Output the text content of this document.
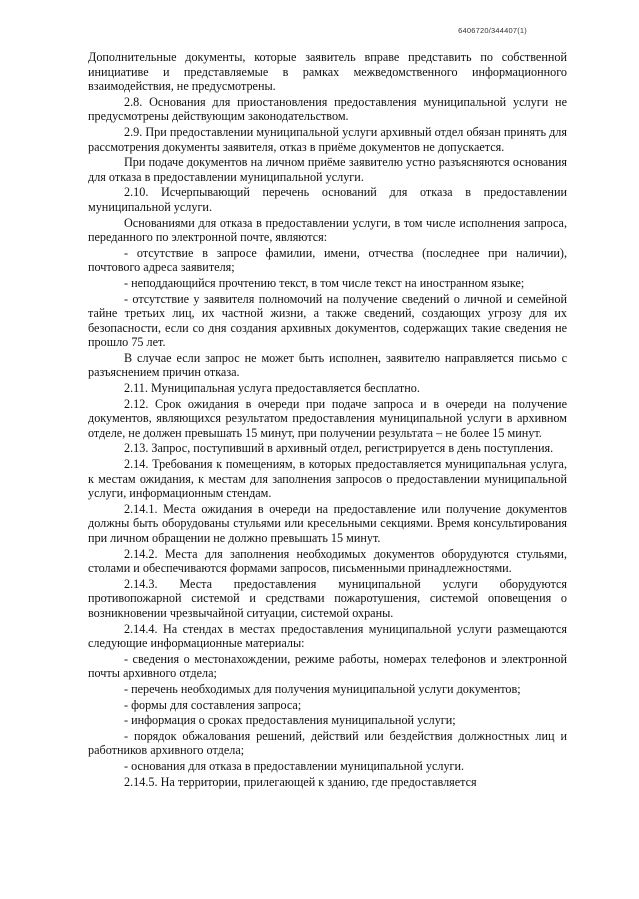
6406720/344407(1)

Дополнительные документы, которые заявитель вправе представить по собственной инициативе и представляемые в рамках межведомственного информационного взаимодействия, не предусмотрены.

2.8. Основания для приостановления предоставления муниципальной услуги не предусмотрены действующим законодательством.

2.9. При предоставлении муниципальной услуги архивный отдел обязан принять для рассмотрения документы заявителя, отказ в приёме документов не допускается.

При подаче документов на личном приёме заявителю устно разъясняются основания для отказа в предоставлении муниципальной услуги.

2.10. Исчерпывающий перечень оснований для отказа в предоставлении муниципальной услуги.

Основаниями для отказа в предоставлении услуги, в том числе исполнения запроса, переданного по электронной почте, являются:

- отсутствие в запросе фамилии, имени, отчества (последнее при наличии), почтового адреса заявителя;

- неподдающийся прочтению текст, в том числе текст на иностранном языке;

- отсутствие у заявителя полномочий на получение сведений о личной и семейной тайне третьих лиц, их частной жизни, а также сведений, создающих угрозу для их безопасности, если со дня создания архивных документов, содержащих такие сведения не прошло 75 лет.

В случае если запрос не может быть исполнен, заявителю направляется письмо с разъяснением причин отказа.

2.11. Муниципальная услуга предоставляется бесплатно.

2.12. Срок ожидания в очереди при подаче запроса и в очереди на получение документов, являющихся результатом предоставления муниципальной услуги в архивном отделе, не должен превышать 15 минут, при получении результата – не более 15 минут.

2.13. Запрос, поступивший в архивный отдел, регистрируется в день поступления.

2.14. Требования к помещениям, в которых предоставляется муниципальная услуга, к местам ожидания, к местам для заполнения запросов о предоставлении муниципальной услуги, информационным стендам.

2.14.1. Места ожидания в очереди на предоставление или получение документов должны быть оборудованы стульями или кресельными секциями. Время консультирования при личном обращении не должно превышать 15 минут.

2.14.2. Места для заполнения необходимых документов оборудуются стульями, столами и обеспечиваются формами запросов, письменными принадлежностями.

2.14.3. Места предоставления муниципальной услуги оборудуются противопожарной системой и средствами пожаротушения, системой оповещения о возникновении чрезвычайной ситуации, системой охраны.

2.14.4. На стендах в местах предоставления муниципальной услуги размещаются следующие информационные материалы:

- сведения о местонахождении, режиме работы, номерах телефонов и электронной почты архивного отдела;

- перечень необходимых для получения муниципальной услуги документов;

- формы для составления запроса;

- информация о сроках предоставления муниципальной услуги;

- порядок обжалования решений, действий или бездействия должностных лиц и работников архивного отдела;

- основания для отказа в предоставлении муниципальной услуги.

2.14.5. На территории, прилегающей к зданию, где предоставляется
